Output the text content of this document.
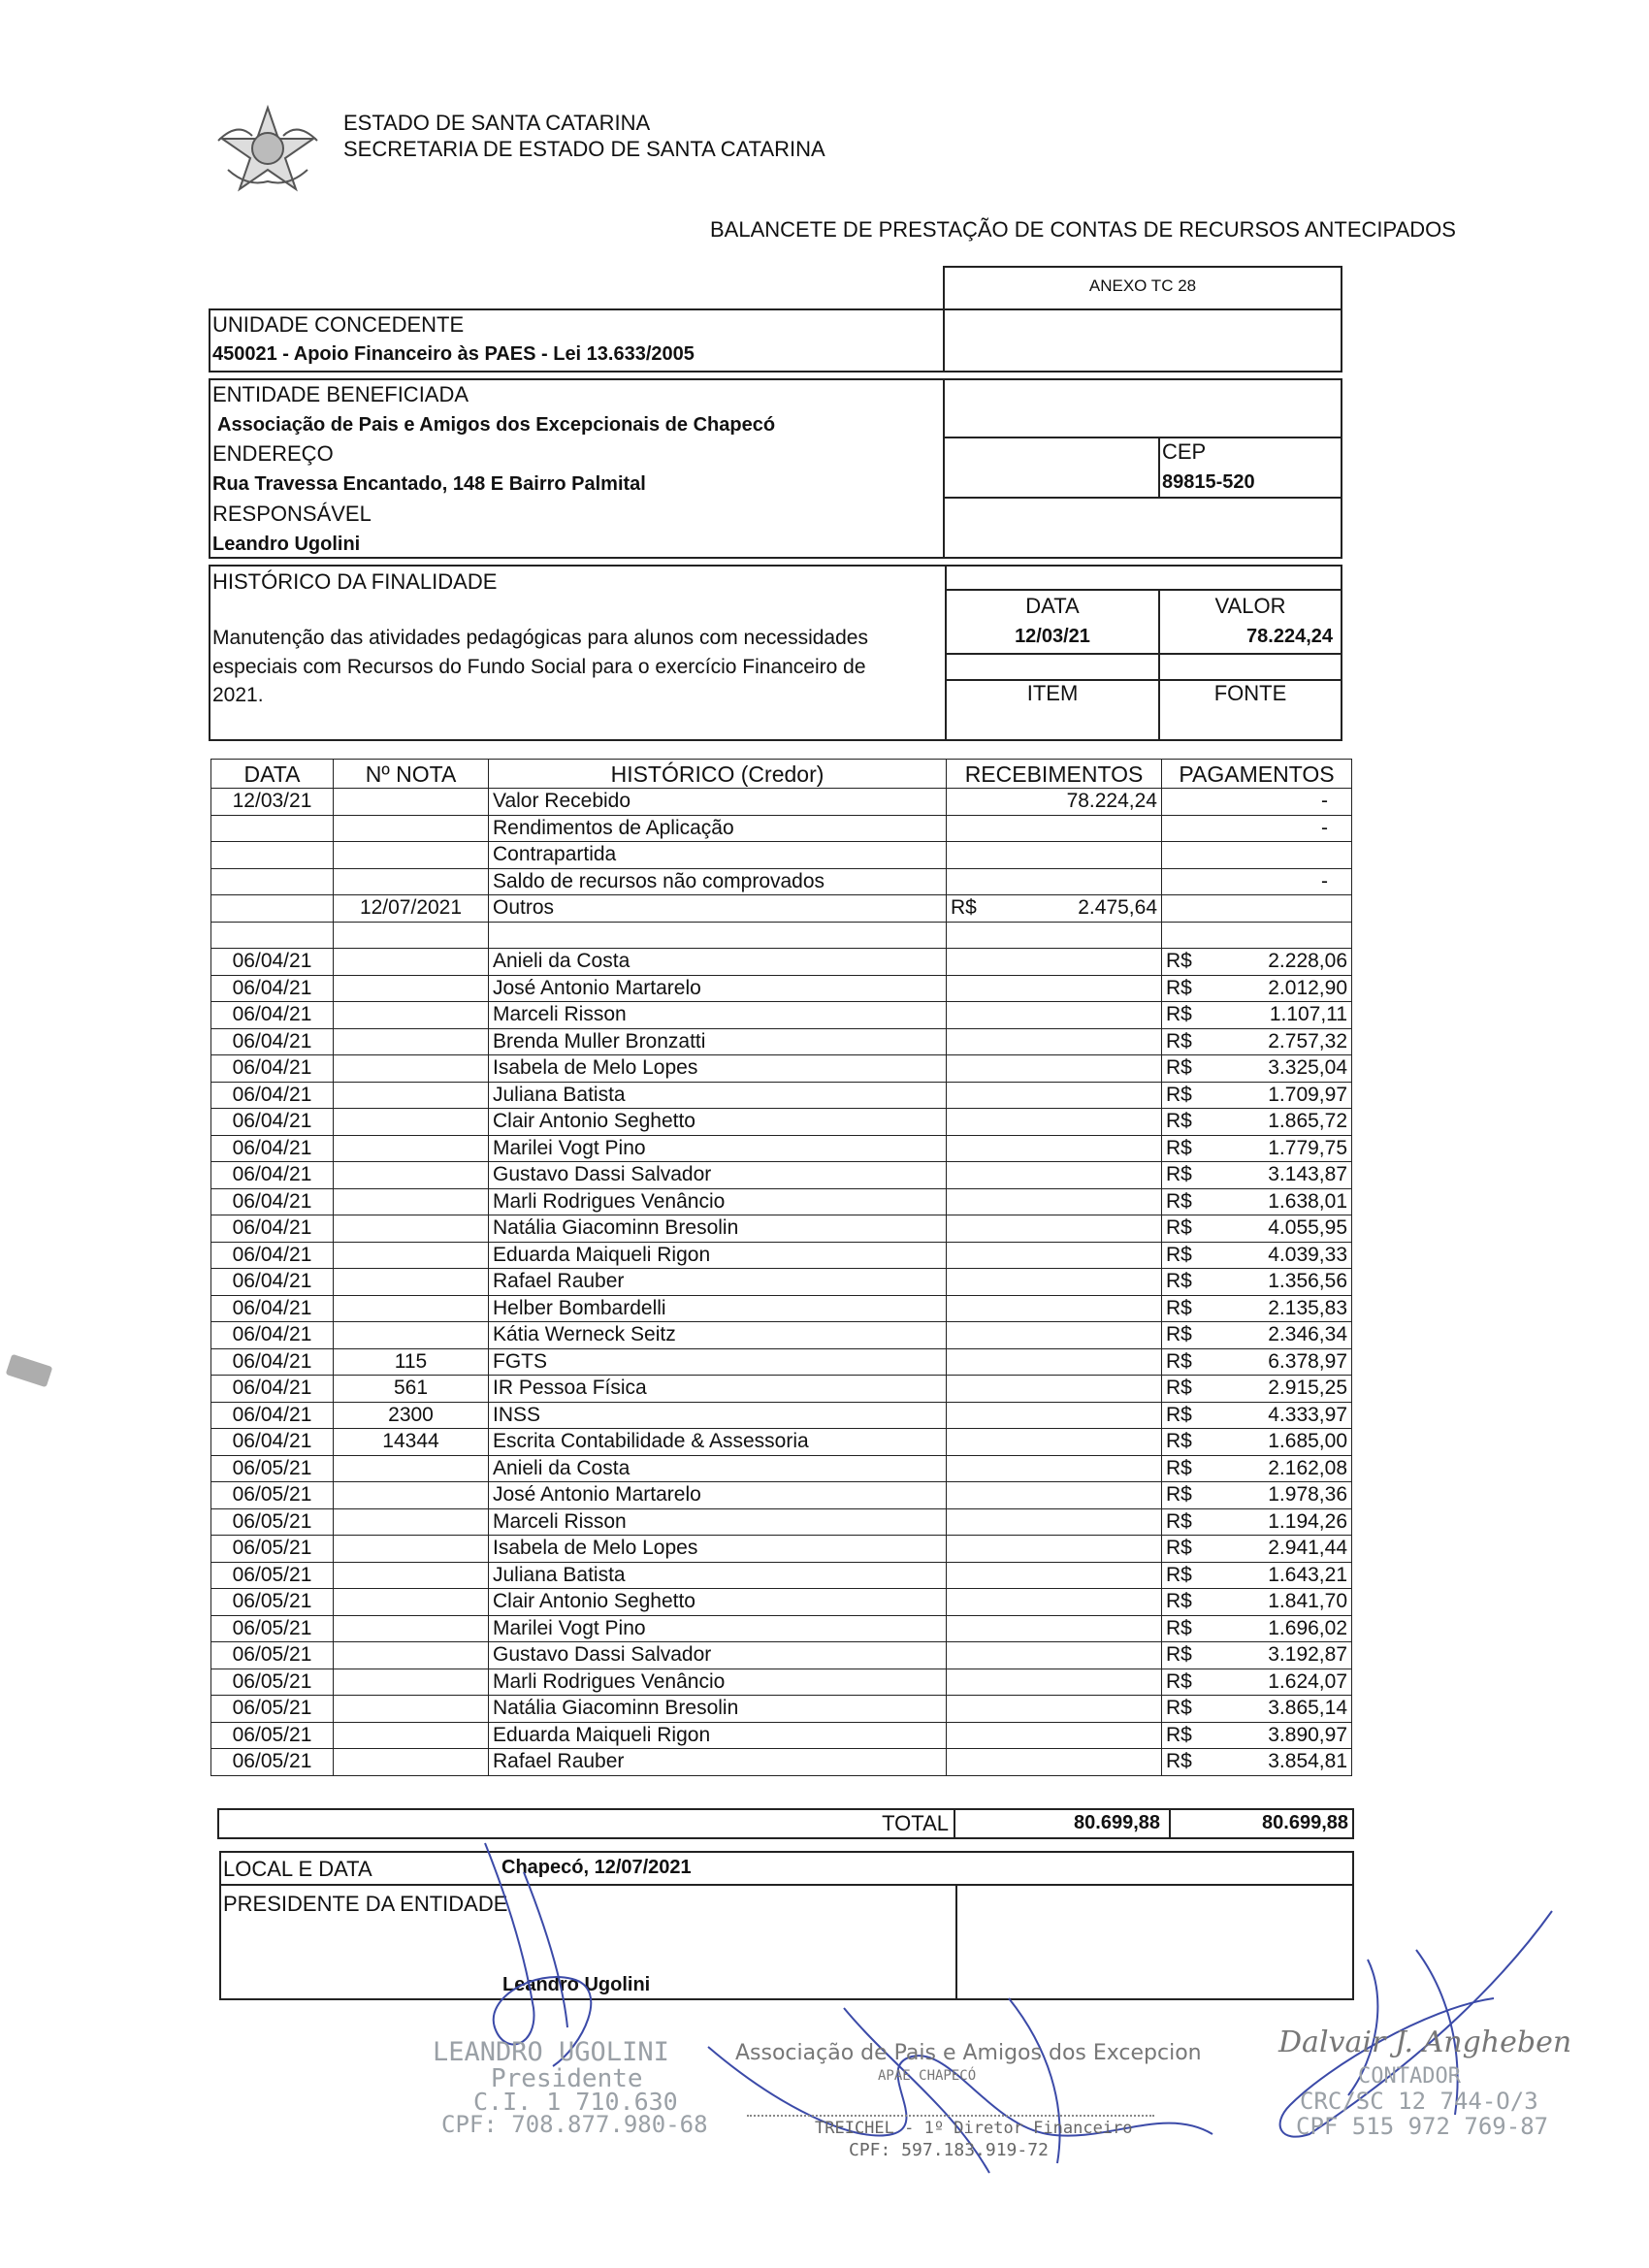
ESTADO DE SANTA CATARINA
SECRETARIA DE ESTADO DE SANTA CATARINA
BALANCETE DE PRESTAÇÃO DE CONTAS DE RECURSOS ANTECIPADOS
ANEXO TC 28
UNIDADE CONCEDENTE
450021 - Apoio Financeiro às PAES - Lei 13.633/2005
ENTIDADE BENEFICIADA
Associação de Pais e Amigos dos Excepcionais de Chapecó
ENDEREÇO
Rua Travessa Encantado, 148 E Bairro Palmital
CEP
89815-520
RESPONSÁVEL
Leandro Ugolini
HISTÓRICO DA FINALIDADE
Manutenção das atividades pedagógicas para alunos com necessidades
especiais com Recursos do Fundo Social para o exercício Financeiro de
2021.
DATA
12/03/21
VALOR
78.224,24
ITEM	FONTE
DATA	Nº NOTA	HISTÓRICO (Credor)	RECEBIMENTOS	PAGAMENTOS
12/03/21		Valor Recebido	78.224,24	-
		Rendimentos de Aplicação		-
		Contrapartida		
		Saldo de recursos não comprovados		-
	12/07/2021	Outros	R$ 2.475,64	

06/04/21		Anieli da Costa		R$ 2.228,06

06/04/21		José Antonio Martarelo		R$ 2.012,90

06/04/21		Marceli Risson		R$ 1.107,11

06/04/21		Brenda Muller Bronzatti		R$ 2.757,32

06/04/21		Isabela de Melo Lopes		R$ 3.325,04

06/04/21		Juliana Batista		R$ 1.709,97

06/04/21		Clair Antonio Seghetto		R$ 1.865,72

06/04/21		Marilei Vogt Pino		R$ 1.779,75

06/04/21		Gustavo Dassi Salvador		R$ 3.143,87

06/04/21		Marli Rodrigues Venâncio		R$ 1.638,01

06/04/21		Natália Giacominn Bresolin		R$ 4.055,95

06/04/21		Eduarda Maiqueli Rigon		R$ 4.039,33

06/04/21		Rafael Rauber		R$ 1.356,56

06/04/21		Helber Bombardelli		R$ 2.135,83

06/04/21		Kátia Werneck Seitz		R$ 2.346,34

06/04/21	115	FGTS		R$ 6.378,97

06/04/21	561	IR Pessoa Física		R$ 2.915,25

06/04/21	2300	INSS		R$ 4.333,97

06/04/21	14344	Escrita Contabilidade & Assessoria		R$ 1.685,00

06/05/21		Anieli da Costa		R$ 2.162,08

06/05/21		José Antonio Martarelo		R$ 1.978,36

06/05/21		Marceli Risson		R$ 1.194,26

06/05/21		Isabela de Melo Lopes		R$ 2.941,44

06/05/21		Juliana Batista		R$ 1.643,21

06/05/21		Clair Antonio Seghetto		R$ 1.841,70

06/05/21		Marilei Vogt Pino		R$ 1.696,02

06/05/21		Gustavo Dassi Salvador		R$ 3.192,87

06/05/21		Marli Rodrigues Venâncio		R$ 1.624,07

06/05/21		Natália Giacominn Bresolin		R$ 3.865,14

06/05/21		Eduarda Maiqueli Rigon		R$ 3.890,97

06/05/21		Rafael Rauber		R$ 3.854,81
TOTAL	80.699,88	80.699,88
LOCAL E DATA	Chapecó, 12/07/2021
PRESIDENTE DA ENTIDADE
Leandro Ugolini
LEANDRO UGOLINI
Presidente
C.I. 1 710.630
CPF: 708.877.980-68
Associação de Pais e Amigos dos Excepcion
APAE CHAPECÓ
TREICHEL - 1º Diretor Financeiro
CPF: 597.183.919-72
Dalvair J. Angheben
CONTADOR
CRC/SC 12 744-O/3
CPF 515 972 769-87
